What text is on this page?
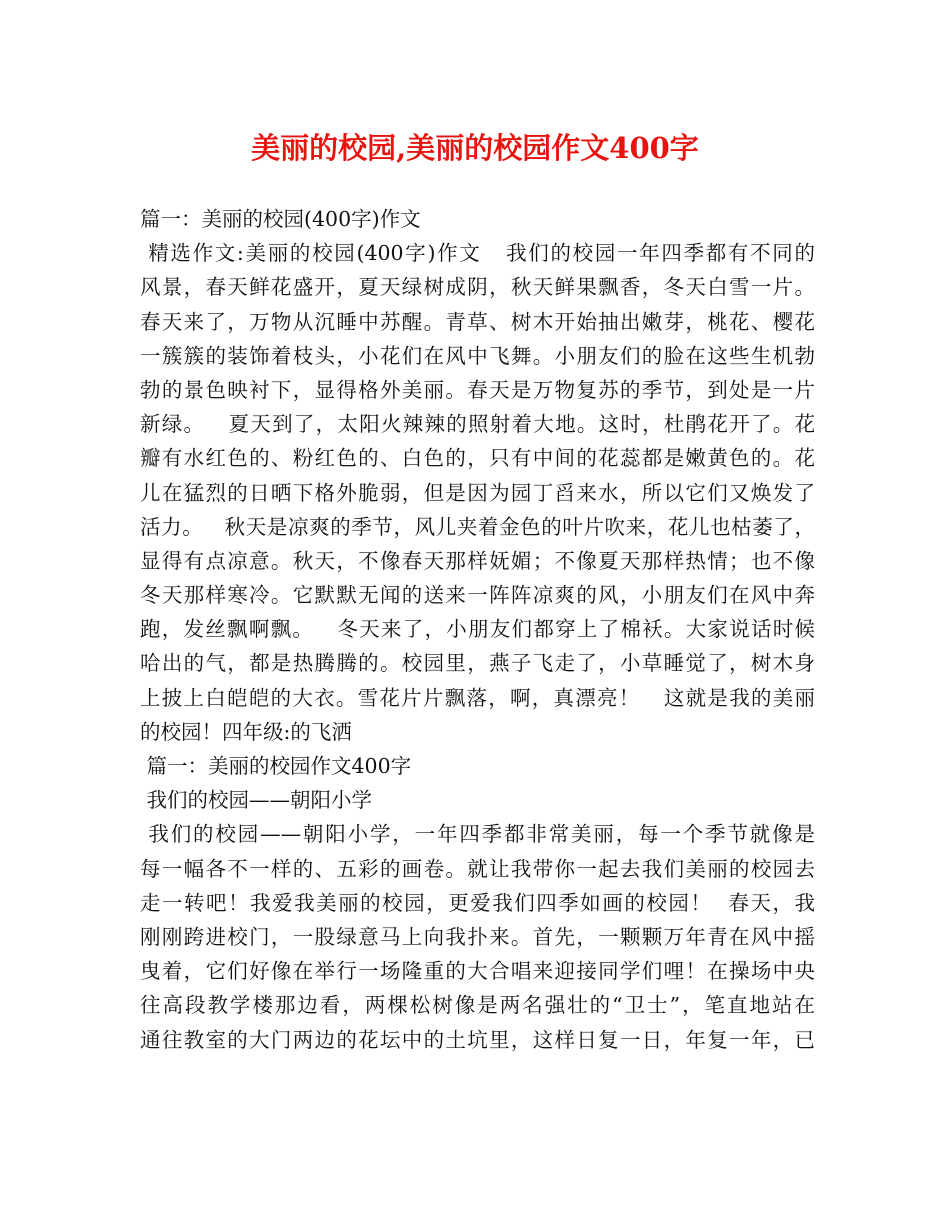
美丽的校园,美丽的校园作文400字
篇一：美丽的校园(400字)作文
精选作文:美丽的校园(400字)作文   我们的校园一年四季都有不同的
风景，春天鲜花盛开，夏天绿树成阴，秋天鲜果飘香，冬天白雪一片。
春天来了，万物从沉睡中苏醒。青草、树木开始抽出嫩芽，桃花、樱花
一簇簇的装饰着枝头，小花们在风中飞舞。小朋友们的脸在这些生机勃
勃的景色映衬下，显得格外美丽。春天是万物复苏的季节，到处是一片
新绿。   夏天到了，太阳火辣辣的照射着大地。这时，杜鹃花开了。花
瓣有水红色的、粉红色的、白色的，只有中间的花蕊都是嫩黄色的。花
儿在猛烈的日晒下格外脆弱，但是因为园丁舀来水，所以它们又焕发了
活力。   秋天是凉爽的季节，风儿夹着金色的叶片吹来，花儿也枯萎了，
显得有点凉意。秋天，不像春天那样妩媚；不像夏天那样热情；也不像
冬天那样寒冷。它默默无闻的送来一阵阵凉爽的风，小朋友们在风中奔
跑，发丝飘啊飘。   冬天来了，小朋友们都穿上了棉袄。大家说话时候
哈出的气，都是热腾腾的。校园里，燕子飞走了，小草睡觉了，树木身
上披上白皑皑的大衣。雪花片片飘落，啊，真漂亮！   这就是我的美丽
的校园！四年级:的飞洒
篇一：美丽的校园作文400字
我们的校园——朝阳小学
我们的校园——朝阳小学，一年四季都非常美丽，每一个季节就像是
每一幅各不一样的、五彩的画卷。就让我带你一起去我们美丽的校园去
走一转吧！我爱我美丽的校园，更爱我们四季如画的校园！  春天，我
刚刚跨进校门，一股绿意马上向我扑来。首先，一颗颗万年青在风中摇
曳着，它们好像在举行一场隆重的大合唱来迎接同学们哩！在操场中央
往高段教学楼那边看，两棵松树像是两名强壮的“卫士”，笔直地站在
通往教室的大门两边的花坛中的土坑里，这样日复一日，年复一年，已
